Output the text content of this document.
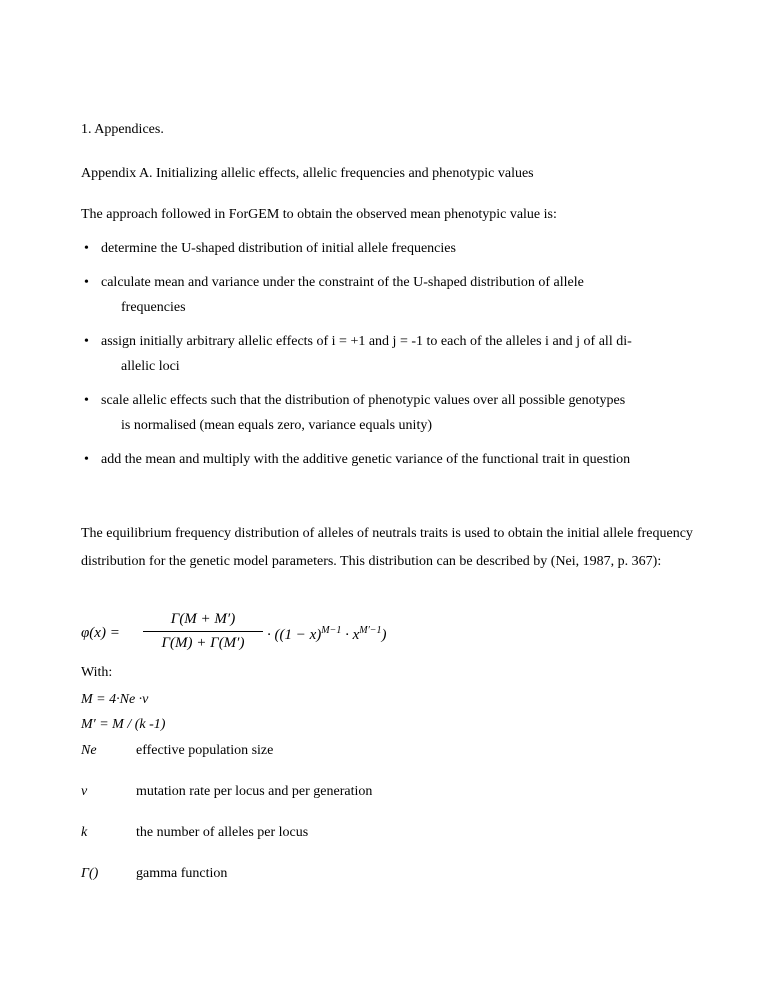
1. Appendices.
Appendix A. Initializing allelic effects, allelic frequencies and phenotypic values
The approach followed in ForGEM to obtain the observed mean phenotypic value is:
• determine the U-shaped distribution of initial allele frequencies
• calculate mean and variance under the constraint of the U-shaped distribution of allele
frequencies
• assign initially arbitrary allelic effects of i = +1 and j = -1 to each of the alleles i and j of all di-
allelic loci
• scale allelic effects such that the distribution of phenotypic values over all possible genotypes
is normalised (mean equals zero, variance equals unity)
• add the mean and multiply with the additive genetic variance of the functional trait in question
The equilibrium frequency distribution of alleles of neutrals traits is used to obtain the initial allele frequency distribution for the genetic model parameters. This distribution can be described by (Nei, 1987, p. 367):
φ(x) =
Γ(M + M′)
Γ(M) + Γ(M′)	· $((1 - x)^{M-1} \cdot x^{M'-1})$
With:
M = 4·Ne ·v
M′ = M / (k -1)
Ne	effective population size
v	mutation rate per locus and per generation
k	the number of alleles per locus
Γ()	gamma function
